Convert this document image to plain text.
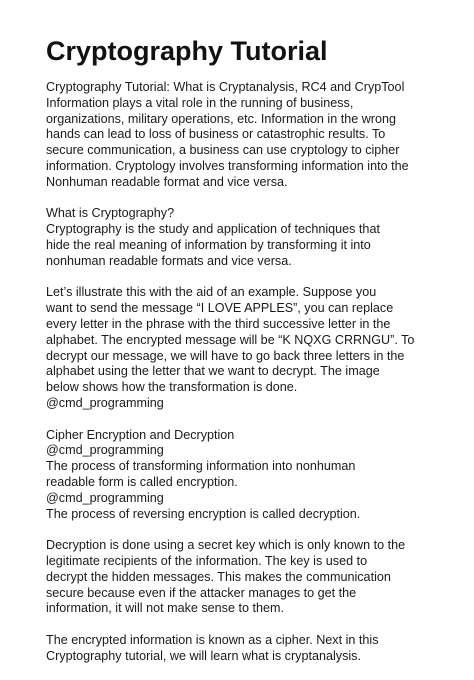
Cryptography Tutorial

Cryptography Tutorial: What is Cryptanalysis, RC4 and CrypTool
Information plays a vital role in the running of business,
organizations, military operations, etc. Information in the wrong
hands can lead to loss of business or catastrophic results. To
secure communication, a business can use cryptology to cipher
information. Cryptology involves transforming information into the
Nonhuman readable format and vice versa.

What is Cryptography?
Cryptography is the study and application of techniques that
hide the real meaning of information by transforming it into
nonhuman readable formats and vice versa.

Let’s illustrate this with the aid of an example. Suppose you
want to send the message “I LOVE APPLES”, you can replace
every letter in the phrase with the third successive letter in the
alphabet. The encrypted message will be “K NQXG CRRNGU”. To
decrypt our message, we will have to go back three letters in the
alphabet using the letter that we want to decrypt. The image
below shows how the transformation is done.
@cmd_programming

Cipher Encryption and Decryption
@cmd_programming
The process of transforming information into nonhuman
readable form is called encryption.
@cmd_programming
The process of reversing encryption is called decryption.

Decryption is done using a secret key which is only known to the
legitimate recipients of the information. The key is used to
decrypt the hidden messages. This makes the communication
secure because even if the attacker manages to get the
information, it will not make sense to them.

The encrypted information is known as a cipher. Next in this
Cryptography tutorial, we will learn what is cryptanalysis.
